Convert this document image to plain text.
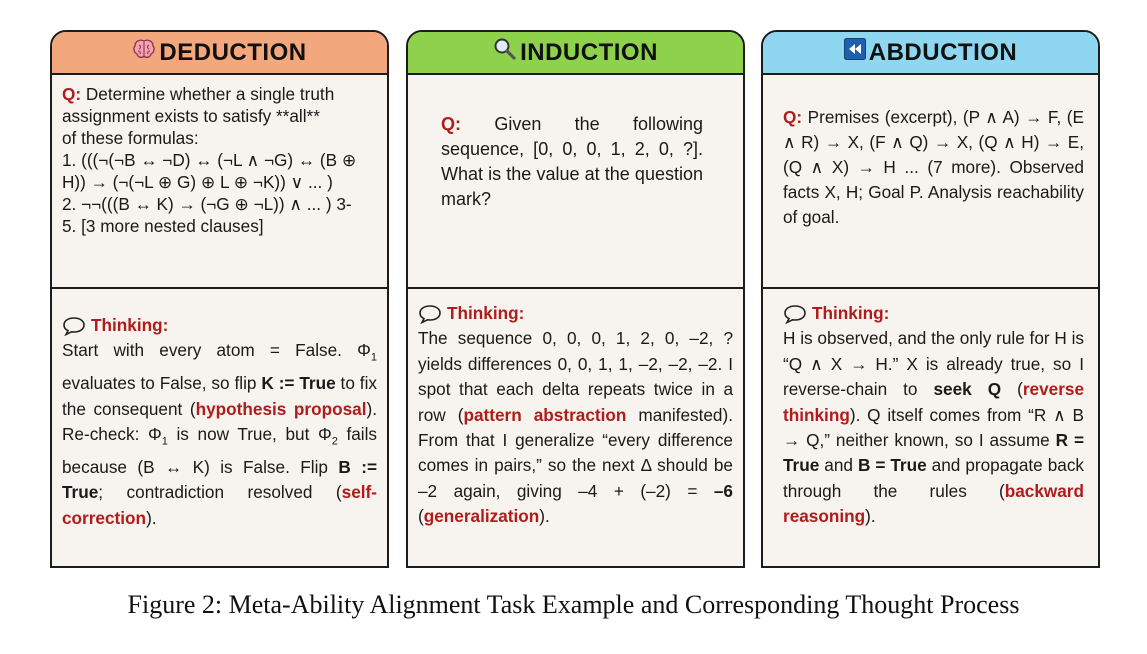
DEDUCTION
Q: Determine whether a single truth
assignment exists to satisfy **all**
of these formulas:
1. (((¬(¬B ↔ ¬D) ↔ (¬L ∧ ¬G) ↔ (B ⊕
H)) → (¬(¬L ⊕ G) ⊕ L ⊕ ¬K)) ∨ ... )
2. ¬¬(((B ↔ K) → (¬G ⊕ ¬L)) ∧ ... ) 3-
5. [3 more nested clauses]
Thinking:
Start with every atom = False. $\Phi_1$ evaluates to False, so flip K := True to fix the consequent (hypothesis proposal). Re-check: $\Phi_1$ is now True, but $\Phi_2$ fails because (B ↔ K) is False. Flip B := True; contradiction resolved (self-correction).
INDUCTION
Q: Given the following sequence, [0, 0, 0, 1, 2, 0, ?]. What is the value at the question mark?
Thinking:
The sequence 0, 0, 0, 1, 2, 0, –2, ? yields differences 0, 0, 1, 1, –2, –2, –2. I spot that each delta repeats twice in a row (pattern abstraction manifested). From that I generalize “every difference comes in pairs,” so the next Δ should be –2 again, giving –4 + (–2) = –6 (generalization).
ABDUCTION
Q: Premises (excerpt), (P ∧ A) → F, (E ∧ R) → X, (F ∧ Q) → X, (Q ∧ H) → E, (Q ∧ X) → H ... (7 more). Observed facts X, H; Goal P. Analysis reachability of goal.
Thinking:
H is observed, and the only rule for H is “Q ∧ X → H.” X is already true, so I reverse-chain to seek Q (reverse thinking). Q itself comes from “R ∧ B → Q,” neither known, so I assume R = True and B = True and propagate back through the rules (backward reasoning).
Figure 2: Meta-Ability Alignment Task Example and Corresponding Thought Process
